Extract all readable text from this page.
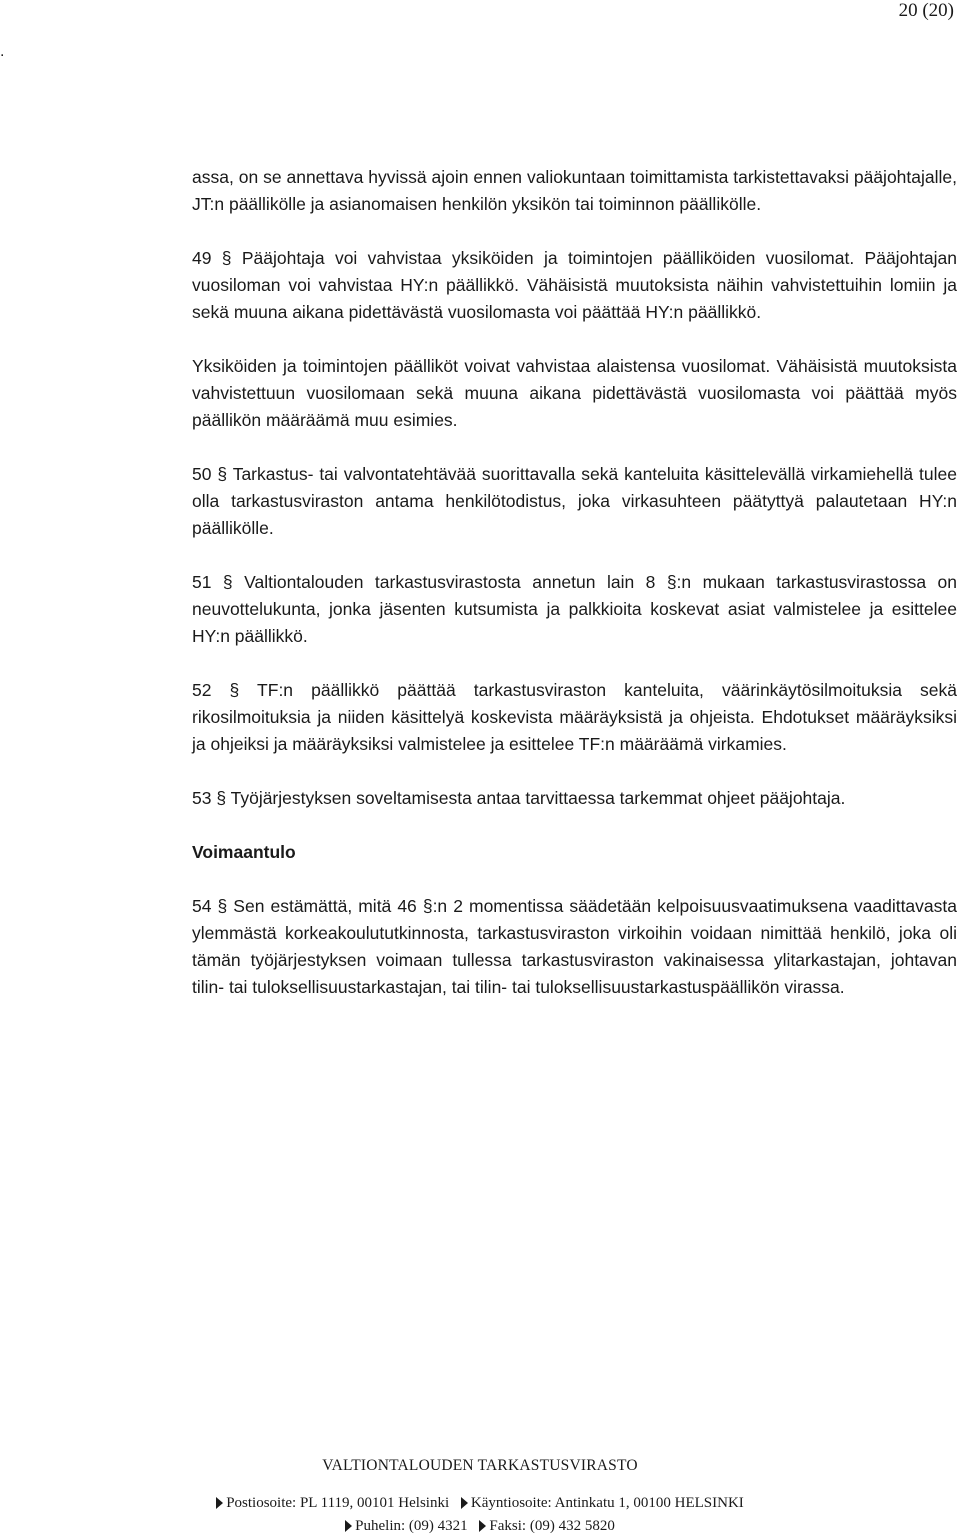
20 (20)
.

assa, on se annettava hyvissä ajoin ennen valiokuntaan toimittamista tarkistettavaksi pääjohtajalle, JT:n päällikölle ja asianomaisen henkilön yksikön tai toiminnon päällikölle.

49 § Pääjohtaja voi vahvistaa yksiköiden ja toimintojen päälliköiden vuosilomat. Pääjohtajan vuosiloman voi vahvistaa HY:n päällikkö. Vähäisistä muutoksista näihin vahvistettuihin lomiin ja sekä muuna aikana pidettävästä vuosilomasta voi päättää HY:n päällikkö.

Yksiköiden ja toimintojen päälliköt voivat vahvistaa alaistensa vuosilomat. Vähäisistä muutoksista vahvistettuun vuosilomaan sekä muuna aikana pidettävästä vuosilomasta voi päättää myös päällikön määräämä muu esimies.

50 § Tarkastus- tai valvontatehtävää suorittavalla sekä kanteluita käsittelevällä virkamiehellä tulee olla tarkastusviraston antama henkilötodistus, joka virkasuhteen päätyttyä palautetaan HY:n päällikölle.

51 § Valtiontalouden tarkastusvirastosta annetun lain 8 §:n mukaan tarkastusvirastossa on neuvottelukunta, jonka jäsenten kutsumista ja palkkioita koskevat asiat valmistelee ja esittelee HY:n päällikkö.

52 § TF:n päällikkö päättää tarkastusviraston kanteluita, väärinkäytösilmoituksia sekä rikosilmoituksia ja niiden käsittelyä koskevista määräyksistä ja ohjeista. Ehdotukset määräyksiksi ja ohjeiksi ja määräyksiksi valmistelee ja esittelee TF:n määräämä virkamies.

53 § Työjärjestyksen soveltamisesta antaa tarvittaessa tarkemmat ohjeet pääjohtaja.

Voimaantulo

54 § Sen estämättä, mitä 46 §:n 2 momentissa säädetään kelpoisuusvaatimuksena vaadittavasta ylemmästä korkeakoulututkinnosta, tarkastusviraston virkoihin voidaan nimittää henkilö, joka oli tämän työjärjestyksen voimaan tullessa tarkastusviraston vakinaisessa ylitarkastajan, johtavan tilin- tai tuloksellisuustarkastajan, tai tilin- tai tuloksellisuustarkastuspäällikön virassa.

VALTIONTALOUDEN TARKASTUSVIRASTO
Postiosoite: PL 1119, 00101 Helsinki Käyntiosoite: Antinkatu 1, 00100 HELSINKI
Puhelin: (09) 4321 Faksi: (09) 432 5820
